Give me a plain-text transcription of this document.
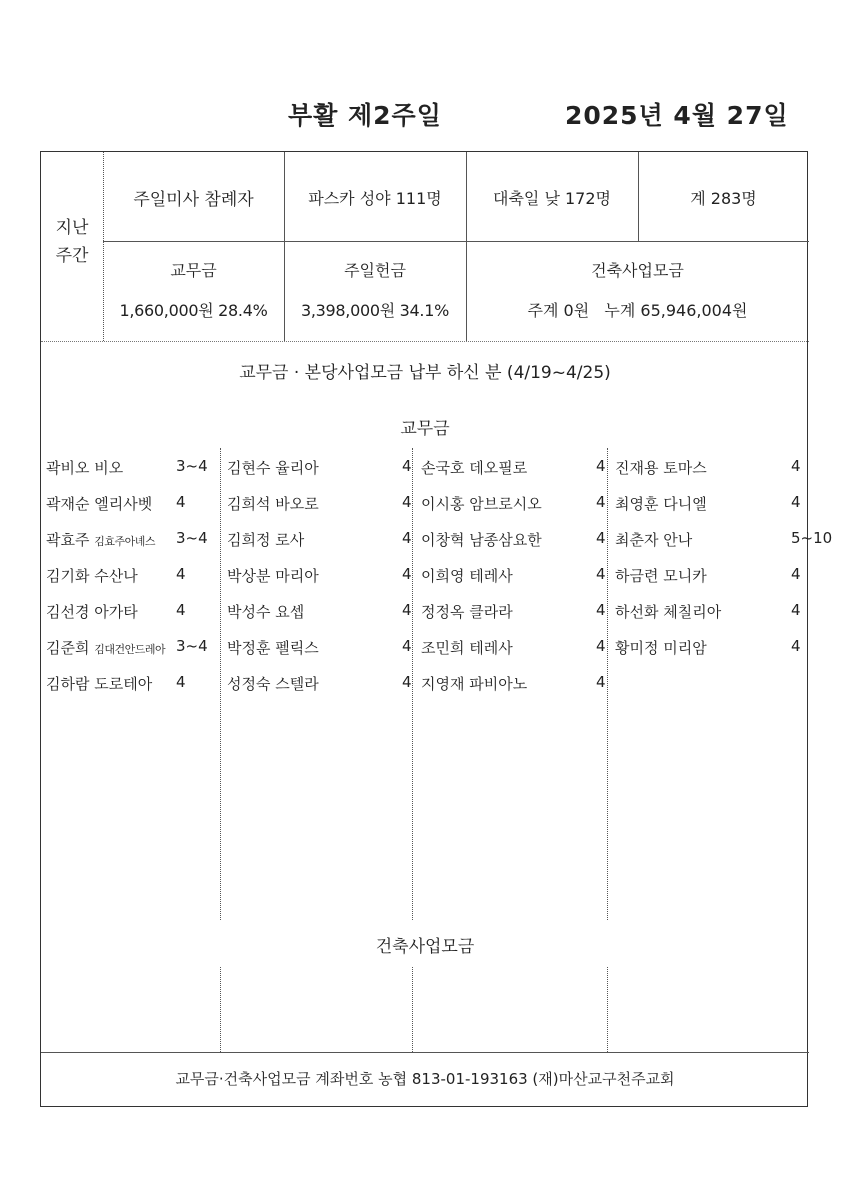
부활 제2주일	2025년 4월 27일
지난
주간
주일미사 참례자	파스카 성야 111명	대축일 낮 172명	계 283명
교무금
1,660,000원 28.4%
주일헌금
3,398,000원 34.1%
건축사업모금
주계 0원   누계 65,946,004원
교무금 · 본당사업모금 납부 하신 분 (4/19~4/25)
교무금
곽비오 비오	3~4
곽재순 엘리사벳 4
곽효주 김효주아녜스 3~4
김기화 수산나	4
김선경 아가타	4
김준희 김대건안드레아 3~4
김하람 도로테아 4
김현수 율리아	4
김희석 바오로	4
김희정 로사	4
박상분 마리아	4
박성수 요셉	4
박정훈 펠릭스	4
성정숙 스텔라	4
손국호 데오필로	4
이시홍 암브로시오	4
이창혁 남종삼요한	4
이희영 테레사	4
정정옥 클라라	4
조민희 테레사	4
지영재 파비아노	4
진재용 토마스	4
최영훈 다니엘	4
최춘자 안나	5~10
하금련 모니카	4
하선화 체칠리아	4
황미정 미리암	4
건축사업모금
교무금·건축사업모금 계좌번호 농협 813-01-193163 (재)마산교구천주교회
